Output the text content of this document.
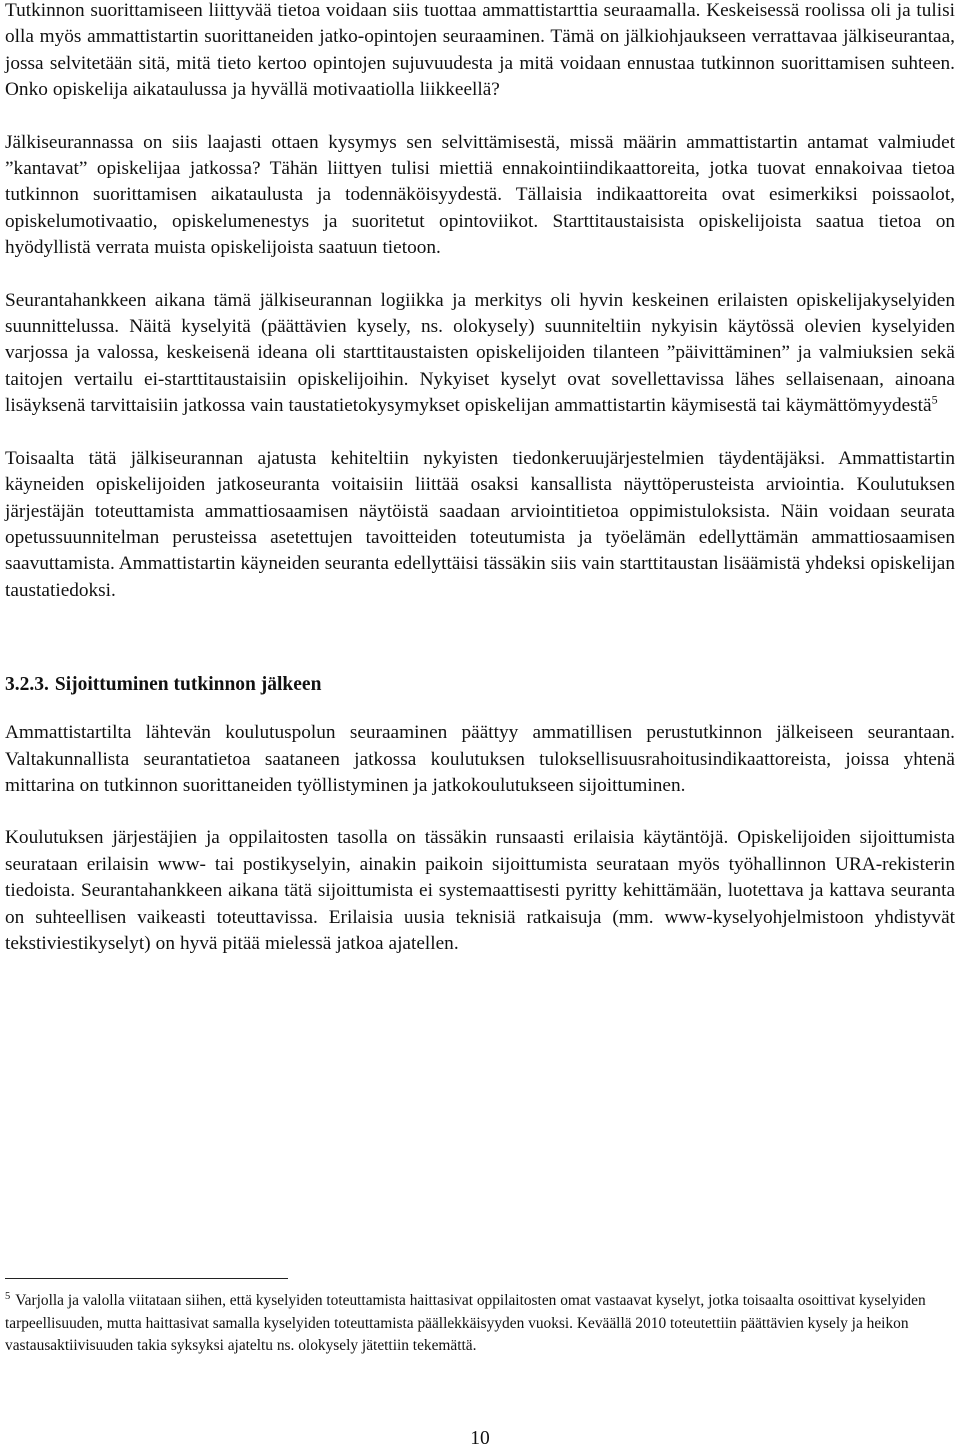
Tutkinnon suorittamiseen liittyvää tietoa voidaan siis tuottaa ammattistarttia seuraamalla. Keskeisessä roolissa oli ja tulisi olla myös ammattistartin suorittaneiden jatko-opintojen seuraaminen. Tämä on jälkiohjaukseen verrattavaa jälkiseurantaa, jossa selvitetään sitä, mitä tieto kertoo opintojen sujuvuudesta ja mitä voidaan ennustaa tutkinnon suorittamisen suhteen. Onko opiskelija aikataulussa ja hyvällä motivaatiolla liikkeellä?

Jälkiseurannassa on siis laajasti ottaen kysymys sen selvittämisestä, missä määrin ammattistartin antamat valmiudet ”kantavat” opiskelijaa jatkossa? Tähän liittyen tulisi miettiä ennakointiindikaattoreita, jotka tuovat ennakoivaa tietoa tutkinnon suorittamisen aikataulusta ja todennäköisyydestä. Tällaisia indikaattoreita ovat esimerkiksi poissaolot, opiskelumotivaatio, opiskelumenestys ja suoritetut opintoviikot. Starttitaustaisista opiskelijoista saatua tietoa on hyödyllistä verrata muista opiskelijoista saatuun tietoon.

Seurantahankkeen aikana tämä jälkiseurannan logiikka ja merkitys oli hyvin keskeinen erilaisten opiskelijakyselyiden suunnittelussa. Näitä kyselyitä (päättävien kysely, ns. olokysely) suunniteltiin nykyisin käytössä olevien kyselyiden varjossa ja valossa, keskeisenä ideana oli starttitaustaisten opiskelijoiden tilanteen ”päivittäminen” ja valmiuksien sekä taitojen vertailu ei-starttitaustaisiin opiskelijoihin. Nykyiset kyselyt ovat sovellettavissa lähes sellaisenaan, ainoana lisäyksenä tarvittaisiin jatkossa vain taustatietokysymykset opiskelijan ammattistartin käymisestä tai käymättömyydestä$^5$

Toisaalta tätä jälkiseurannan ajatusta kehiteltiin nykyisten tiedonkeruujärjestelmien täydentäjäksi. Ammattistartin käyneiden opiskelijoiden jatkoseuranta voitaisiin liittää osaksi kansallista näyttöperusteista arviointia. Koulutuksen järjestäjän toteuttamista ammattiosaamisen näytöistä saadaan arviointitietoa oppimistuloksista. Näin voidaan seurata opetussuunnitelman perusteissa asetettujen tavoitteiden toteutumista ja työelämän edellyttämän ammattiosaamisen saavuttamista. Ammattistartin käyneiden seuranta edellyttäisi tässäkin siis vain starttitaustan lisäämistä yhdeksi opiskelijan taustatiedoksi.

3.2.3. Sijoittuminen tutkinnon jälkeen

Ammattistartilta lähtevän koulutuspolun seuraaminen päättyy ammatillisen perustutkinnon jälkeiseen seurantaan. Valtakunnallista seurantatietoa saataneen jatkossa koulutuksen tuloksellisuusrahoitusindikaattoreista, joissa yhtenä mittarina on tutkinnon suorittaneiden työllistyminen ja jatkokoulutukseen sijoittuminen.

Koulutuksen järjestäjien ja oppilaitosten tasolla on tässäkin runsaasti erilaisia käytäntöjä. Opiskelijoiden sijoittumista seurataan erilaisin www- tai postikyselyin, ainakin paikoin sijoittumista seurataan myös työhallinnon URA-rekisterin tiedoista. Seurantahankkeen aikana tätä sijoittumista ei systemaattisesti pyritty kehittämään, luotettava ja kattava seuranta on suhteellisen vaikeasti toteuttavissa. Erilaisia uusia teknisiä ratkaisuja (mm. www-kyselyohjelmistoon yhdistyvät tekstiviestikyselyt) on hyvä pitää mielessä jatkoa ajatellen.

$^5$ Varjolla ja valolla viitataan siihen, että kyselyiden toteuttamista haittasivat oppilaitosten omat vastaavat kyselyt, jotka toisaalta osoittivat kyselyiden tarpeellisuuden, mutta haittasivat samalla kyselyiden toteuttamista päällekkäisyyden vuoksi. Keväällä 2010 toteutettiin päättävien kysely ja heikon vastausaktiivisuuden takia syksyksi ajateltu ns. olokysely jätettiin tekemättä.
10
